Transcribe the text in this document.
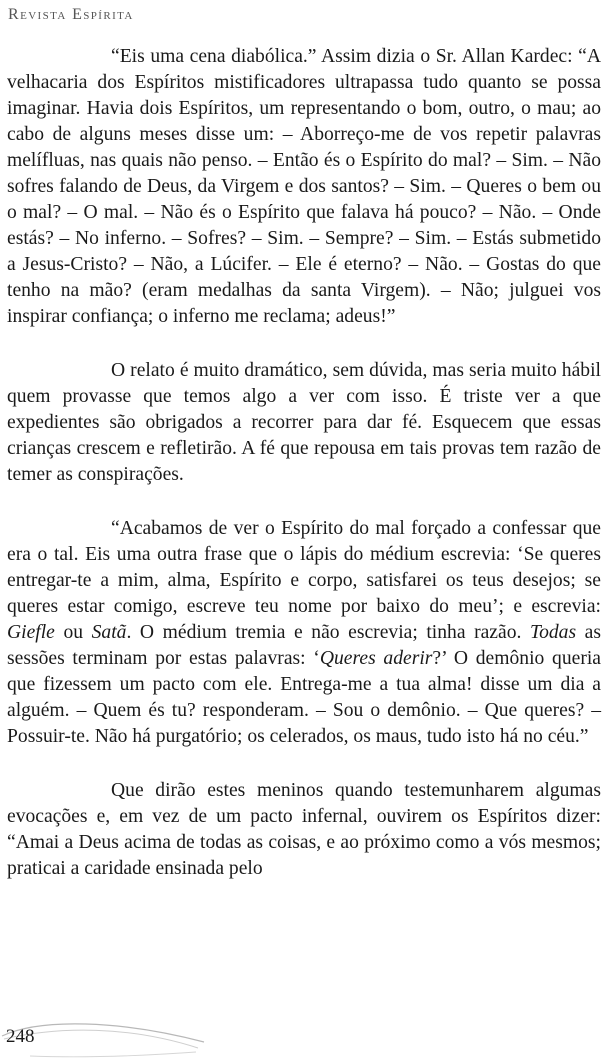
Revista Espírita

“Eis uma cena diabólica.” Assim dizia o Sr. Allan Kardec: “A velhacaria dos Espíritos mistificadores ultrapassa tudo quanto se possa imaginar. Havia dois Espíritos, um representando o bom, outro, o mau; ao cabo de alguns meses disse um: – Aborreço-me de vos repetir palavras melífluas, nas quais não penso. – Então és o Espírito do mal? – Sim. – Não sofres falando de Deus, da Virgem e dos santos? – Sim. – Queres o bem ou o mal? – O mal. – Não és o Espírito que falava há pouco? – Não. – Onde estás? – No inferno. – Sofres? – Sim. – Sempre? – Sim. – Estás submetido a Jesus-Cristo? – Não, a Lúcifer. – Ele é eterno? – Não. – Gostas do que tenho na mão? (eram medalhas da santa Virgem). – Não; julguei vos inspirar confiança; o inferno me reclama; adeus!”

O relato é muito dramático, sem dúvida, mas seria muito hábil quem provasse que temos algo a ver com isso. É triste ver a que expedientes são obrigados a recorrer para dar fé. Esquecem que essas crianças crescem e refletirão. A fé que repousa em tais provas tem razão de temer as conspirações.

“Acabamos de ver o Espírito do mal forçado a confessar que era o tal. Eis uma outra frase que o lápis do médium escrevia: ‘Se queres entregar-te a mim, alma, Espírito e corpo, satisfarei os teus desejos; se queres estar comigo, escreve teu nome por baixo do meu’; e escrevia: Giefle ou Satã. O médium tremia e não escrevia; tinha razão. Todas as sessões terminam por estas palavras: ‘Queres aderir?’ O demônio queria que fizessem um pacto com ele. Entrega-me a tua alma! disse um dia a alguém. – Quem és tu? responderam. – Sou o demônio. – Que queres? – Possuir-te. Não há purgatório; os celerados, os maus, tudo isto há no céu.”

Que dirão estes meninos quando testemunharem algumas evocações e, em vez de um pacto infernal, ouvirem os Espíritos dizer: “Amai a Deus acima de todas as coisas, e ao próximo como a vós mesmos; praticai a caridade ensinada pelo

248
